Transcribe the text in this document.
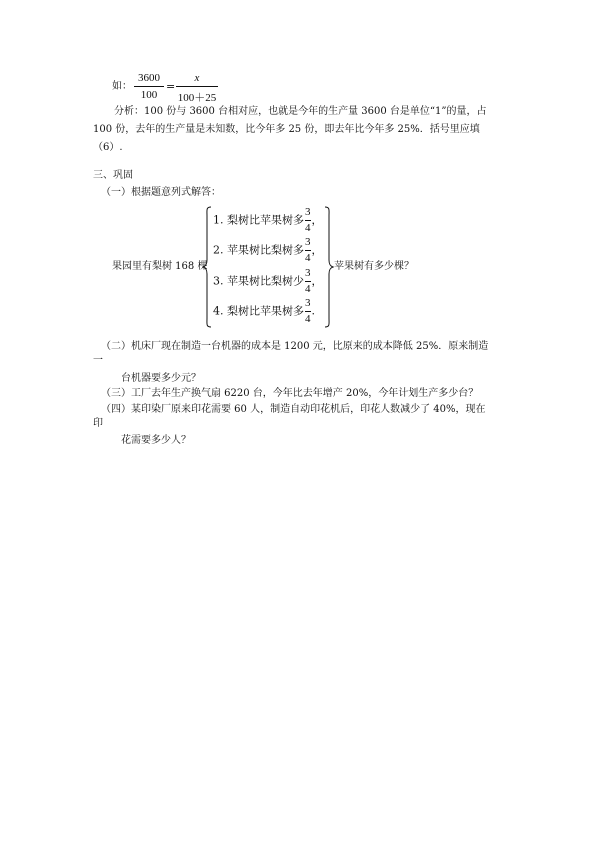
如：
3600
100
=
x
100＋25
分析：100 份与 3600 台相对应，也就是今年的生产量 3600 台是单位“1”的量，占
100 份，去年的生产量是未知数，比今年多 25 份，即去年比今年多 25%．括号里应填
（6）.
三、巩固
（一）根据题意列式解答：
果园里有梨树 168 棵
1. 梨树比苹果树多 $\frac{3}{4}$ ，
2. 苹果树比梨树多 $\frac{3}{4}$ ，
3. 苹果树比梨树少 $\frac{3}{4}$ ，
4. 梨树比苹果树多 $\frac{3}{4}$ .
苹果树有多少棵？
（二）机床厂现在制造一台机器的成本是 1200 元，比原来的成本降低 25%．原来制造
一
台机器要多少元？
（三）工厂去年生产换气扇 6220 台，今年比去年增产 20%，今年计划生产多少台？
（四）某印染厂原来印花需要 60 人，制造自动印花机后，印花人数减少了 40%，现在
印
花需要多少人？
